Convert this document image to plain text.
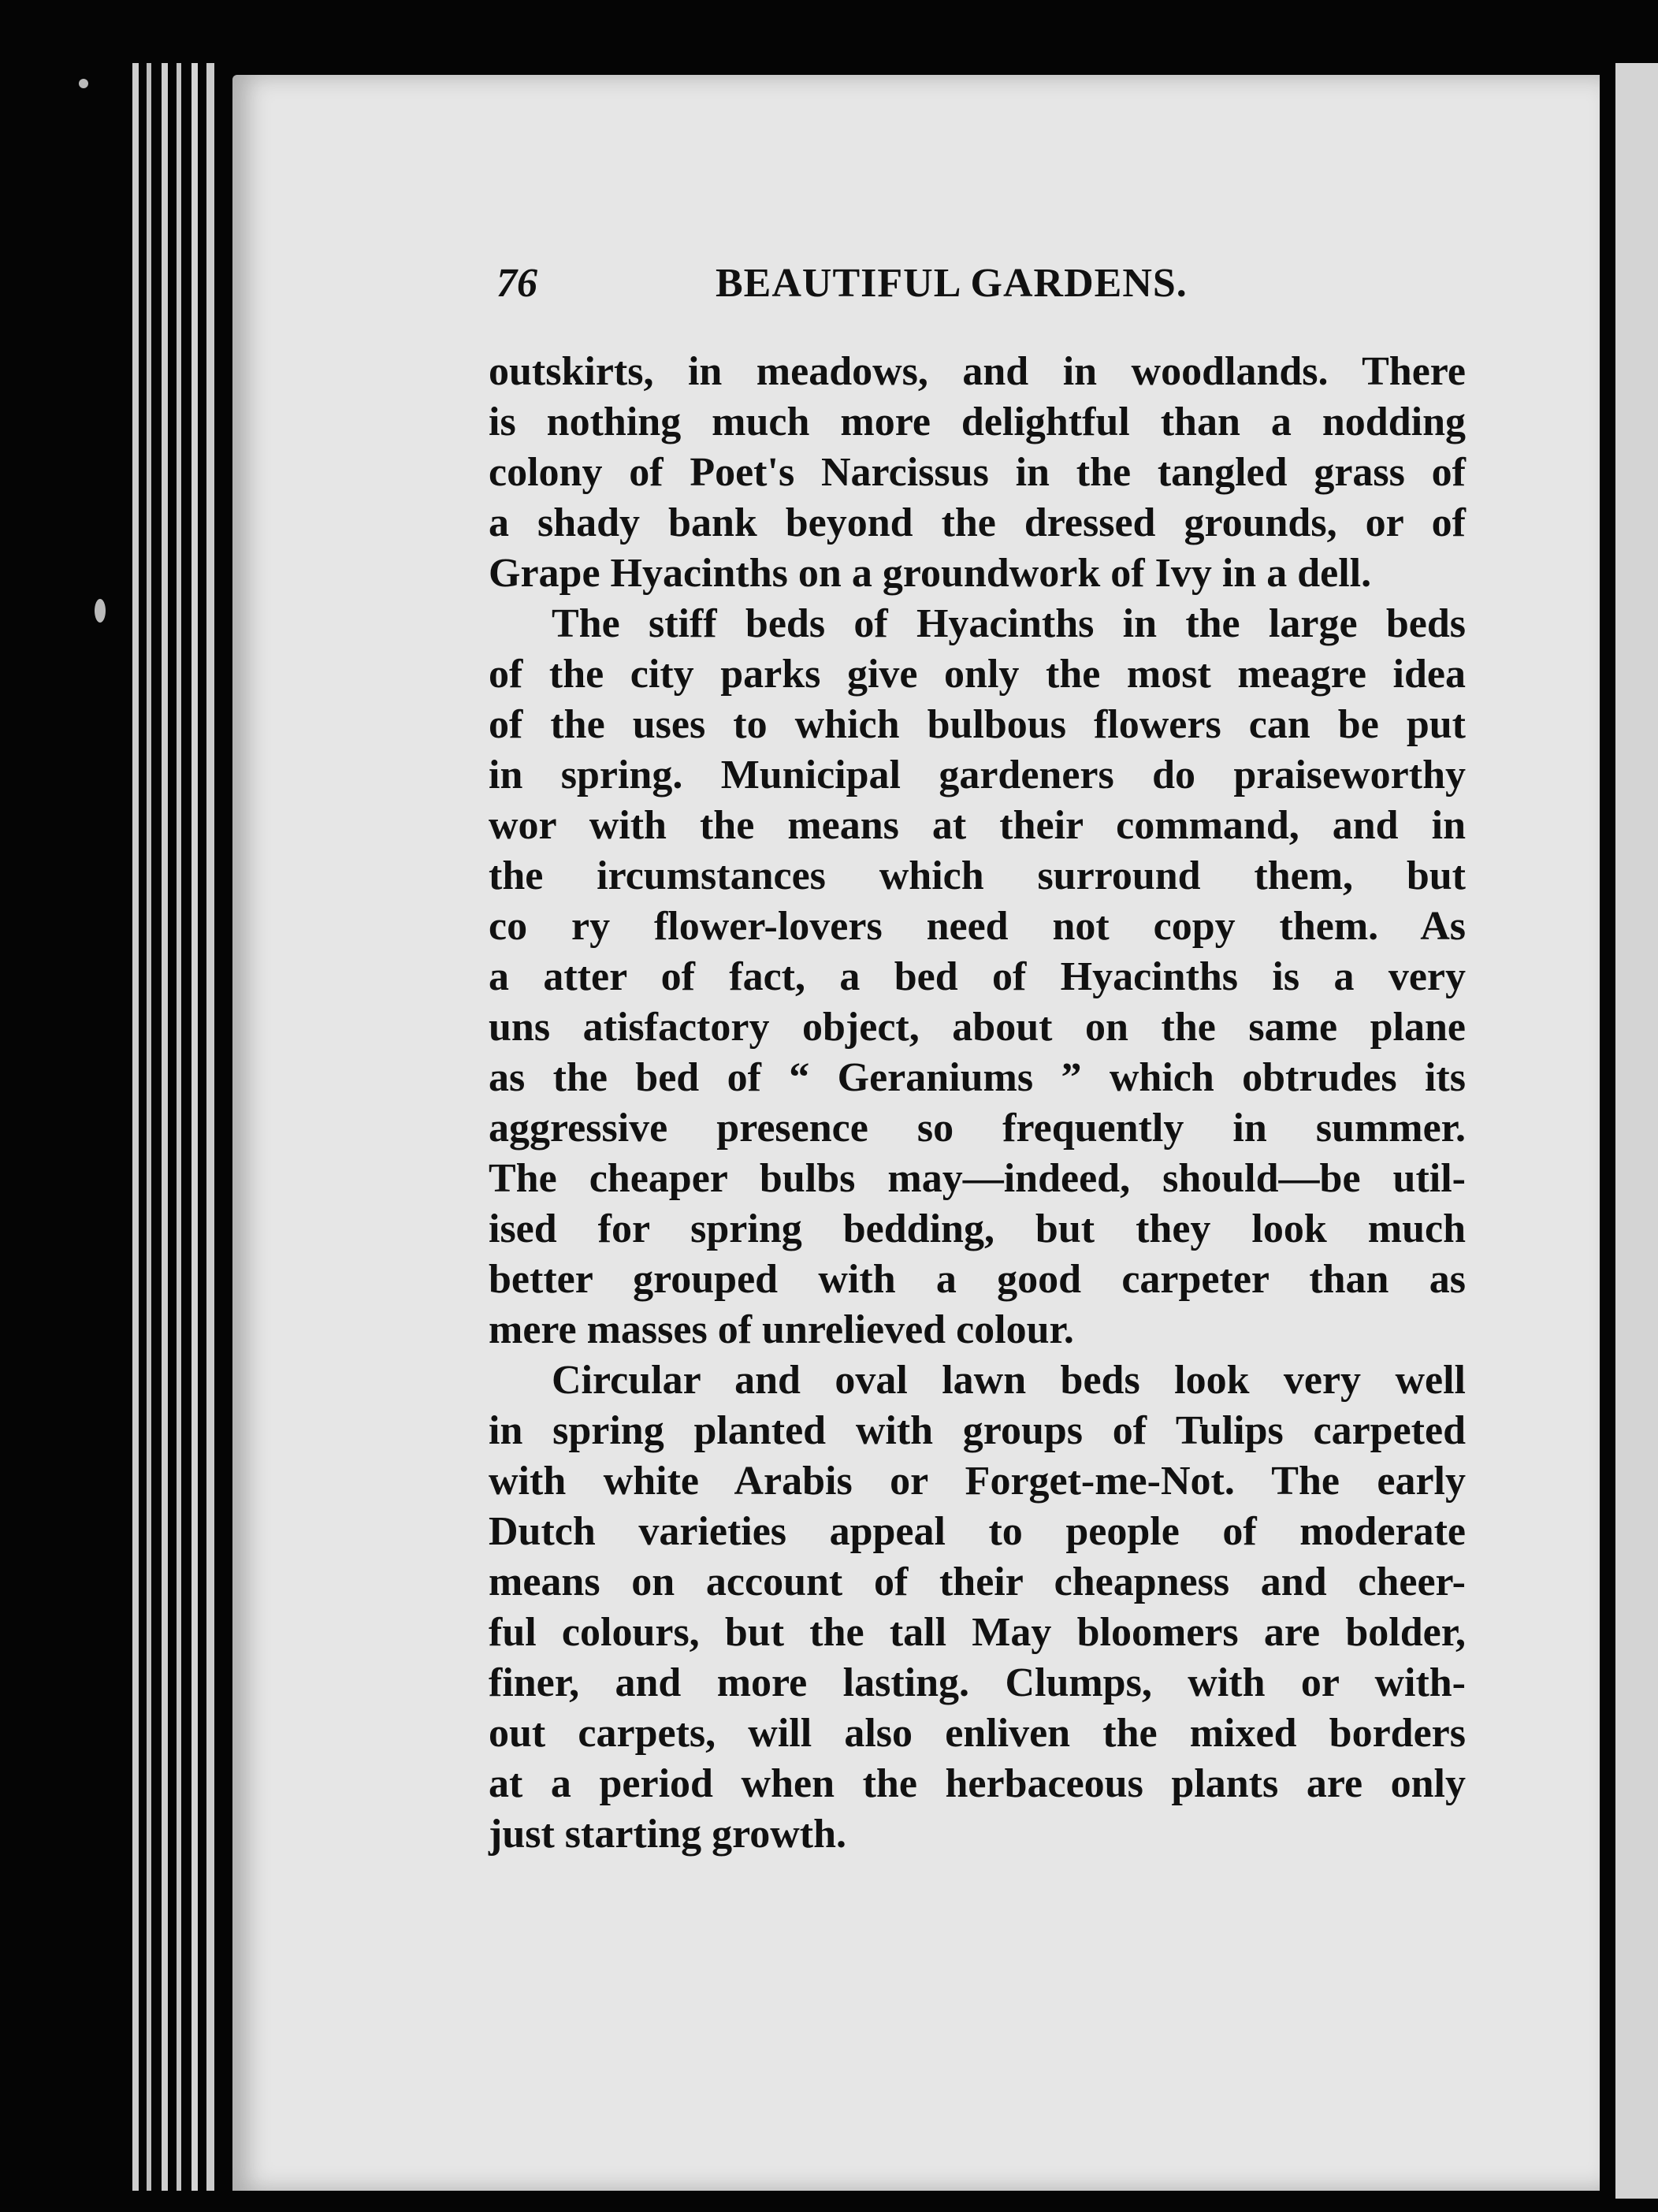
76	BEAUTIFUL GARDENS.

outskirts, in meadows, and in woodlands. There
is nothing much more delightful than a nodding
colony of Poet's Narcissus in the tangled grass of
a shady bank beyond the dressed grounds, or of
Grape Hyacinths on a groundwork of Ivy in a dell.

The stiff beds of Hyacinths in the large beds
of the city parks give only the most meagre idea
of the uses to which bulbous flowers can be put
in spring. Municipal gardeners do praiseworthy
wor with the means at their command, and in
the ircumstances which surround them, but
co ry flower-lovers need not copy them. As
a atter of fact, a bed of Hyacinths is a very
uns atisfactory object, about on the same plane
as the bed of “ Geraniums ” which obtrudes its
aggressive presence so frequently in summer.
The cheaper bulbs may—indeed, should—be util-
ised for spring bedding, but they look much
better grouped with a good carpeter than as
mere masses of unrelieved colour.

Circular and oval lawn beds look very well
in spring planted with groups of Tulips carpeted
with white Arabis or Forget-me-Not. The early
Dutch varieties appeal to people of moderate
means on account of their cheapness and cheer-
ful colours, but the tall May bloomers are bolder,
finer, and more lasting. Clumps, with or with-
out carpets, will also enliven the mixed borders
at a period when the herbaceous plants are only
just starting growth.
